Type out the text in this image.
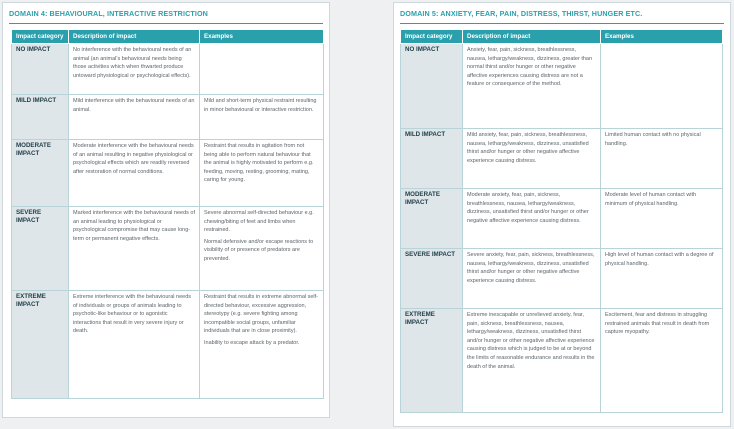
DOMAIN 4: BEHAVIOURAL, INTERACTIVE RESTRICTION
Impact category	Description of impact	Examples
NO IMPACT	No interference with the behavioural needs of an animal (an animal's behavioural needs being those activities which when thwarted produce untoward physiological or psychological effects).	
MILD IMPACT	Mild interference with the behavioural needs of an animal.	Mild and short-term physical restraint resulting in minor behavioural or interactive restriction.
MODERATE IMPACT	Moderate interference with the behavioural needs of an animal resulting in negative physiological or psychological effects which are readily reversed after restoration of normal conditions.	Restraint that results in agitation from not being able to perform natural behaviour that the animal is highly motivated to perform e.g. feeding, moving, resting, grooming, mating, caring for young.
SEVERE IMPACT	Marked interference with the behavioural needs of an animal leading to physiological or psychological compromise that may cause long-term or permanent negative effects.	Severe abnormal self-directed behaviour e.g. chewing/biting of feet and limbs when restrained.

Normal defensive and/or escape reactions to visibility of or presence of predators are prevented.

EXTREME IMPACT	Extreme interference with the behavioural needs of individuals or groups of animals leading to psychotic-like behaviour or to agonistic interactions that result in very severe injury or death.	Restraint that results in extreme abnormal self-directed behaviour, excessive aggression, stereotypy (e.g. severe fighting among incompatible social groups, unfamiliar individuals that are in close proximity).

Inability to escape attack by a predator.

DOMAIN 5: ANXIETY, FEAR, PAIN, DISTRESS, THIRST, HUNGER ETC.
Impact category	Description of impact	Examples
NO IMPACT	Anxiety, fear, pain, sickness, breathlessness, nausea, lethargy/weakness, dizziness, greater than normal thirst and/or hunger or other negative affective experiences causing distress are not a feature or consequence of the method.	
MILD IMPACT	Mild anxiety, fear, pain, sickness, breathlessness, nausea, lethargy/weakness, dizziness, unsatisfied thirst and/or hunger or other negative affective experience causing distress.	Limited human contact with no physical handling.
MODERATE IMPACT	Moderate anxiety, fear, pain, sickness, breathlessness, nausea, lethargy/weakness, dizziness, unsatisfied thirst and/or hunger or other negative affective experience causing distress.	Moderate level of human contact with minimum of physical handling.
SEVERE IMPACT	Severe anxiety, fear, pain, sickness, breathlessness, nausea, lethargy/weakness, dizziness, unsatisfied thirst and/or hunger or other negative affective experience causing distress.	High level of human contact with a degree of physical handling.
EXTREME IMPACT	Extreme inescapable or unrelieved anxiety, fear, pain, sickness, breathlessness, nausea, lethargy/weakness, dizziness, unsatisfied thirst and/or hunger or other negative affective experience causing distress which is judged to be at or beyond the limits of reasonable endurance and results in the death of the animal.	Excitement, fear and distress in struggling restrained animals that result in death from capture myopathy.
